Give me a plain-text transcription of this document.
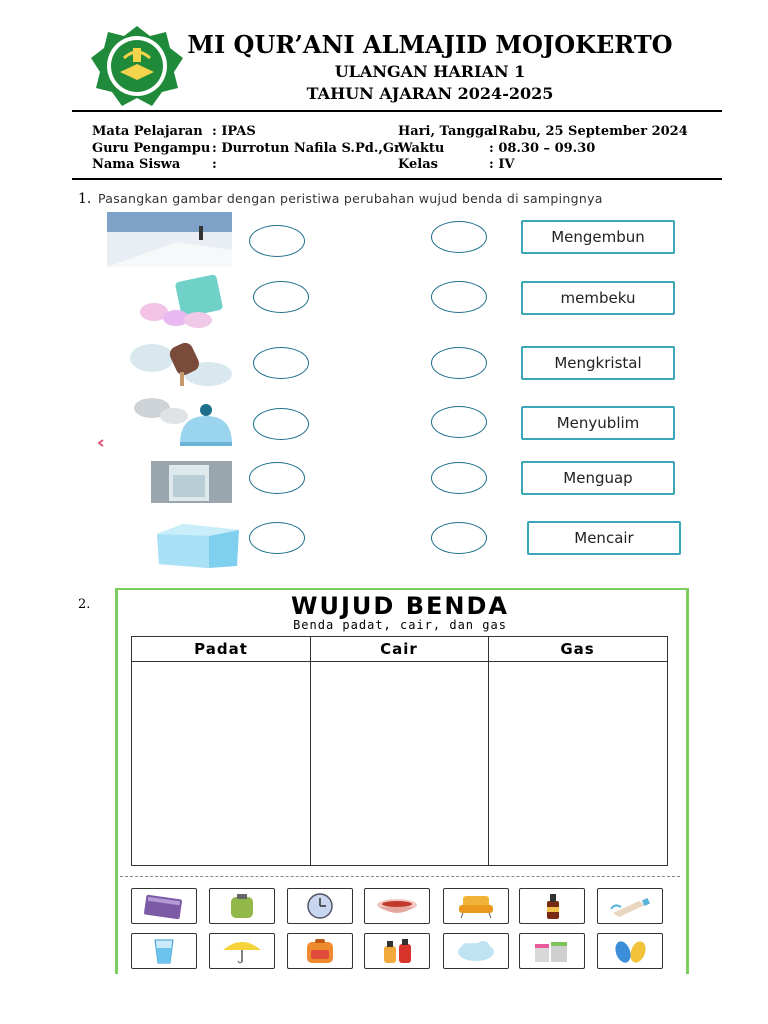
MI QUR’ANI ALMAJID MOJOKERTO
ULANGAN HARIAN 1
TAHUN AJARAN 2024-2025
Mata Pelajaran : IPAS
Guru Pengampu : Durrotun Nafila S.Pd.,Gr
Nama Siswa :
Hari, Tanggal
: Rabu, 25 September 2024
Waktu	: 08.30 – 09.30
Kelas	: IV
1. Pasangkan gambar dengan peristiwa perubahan wujud benda di sampingnya
Mengembun
membeku
Mengkristal
Menyublim
Menguap
Mencair
2.	WUJUD BENDA
Benda padat, cair, dan gas
Padat	Cair	Gas
